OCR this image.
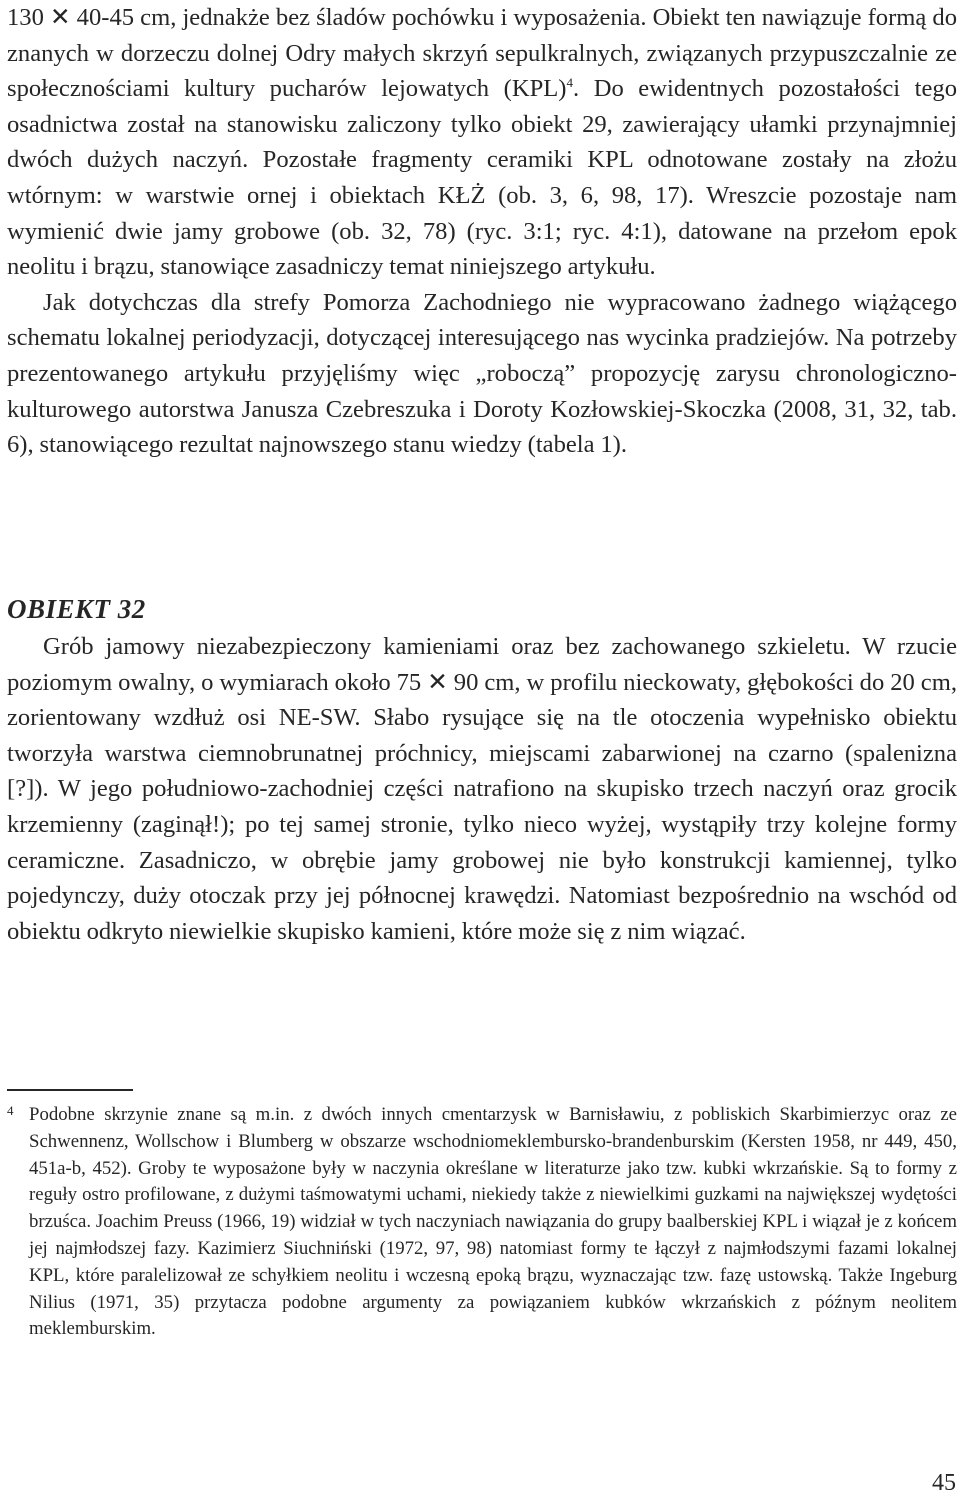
130 ✕ 40-45 cm, jednakże bez śladów pochówku i wyposażenia. Obiekt ten nawiązuje formą do znanych w dorzeczu dolnej Odry małych skrzyń sepulkralnych, związanych przypuszczalnie ze społecznościami kultury pucharów lejowatych (KPL)$^4$. Do ewidentnych pozostałości tego osadnictwa został na stanowisku zaliczony tylko obiekt 29, zawierający ułamki przynajmniej dwóch dużych naczyń. Pozostałe fragmenty ceramiki KPL odnotowane zostały na złożu wtórnym: w warstwie ornej i obiektach KŁŻ (ob. 3, 6, 98, 17). Wreszcie pozostaje nam wymienić dwie jamy grobowe (ob. 32, 78) (ryc. 3:1; ryc. 4:1), datowane na przełom epok neolitu i brązu, stanowiące zasadniczy temat niniejszego artykułu.

Jak dotychczas dla strefy Pomorza Zachodniego nie wypracowano żadnego wiążącego schematu lokalnej periodyzacji, dotyczącej interesującego nas wycinka pradziejów. Na potrzeby prezentowanego artykułu przyjęliśmy więc „roboczą” propozycję zarysu chronologiczno-kulturowego autorstwa Janusza Czebreszuka i Doroty Kozłowskiej-Skoczka (2008, 31, 32, tab. 6), stanowiącego rezultat najnowszego stanu wiedzy (tabela 1).

OBIEKT 32

Grób jamowy niezabezpieczony kamieniami oraz bez zachowanego szkieletu. W rzucie poziomym owalny, o wymiarach około 75 ✕ 90 cm, w profilu nieckowaty, głębokości do 20 cm, zorientowany wzdłuż osi NE-SW. Słabo rysujące się na tle otoczenia wypełnisko obiektu tworzyła warstwa ciemnobrunatnej próchnicy, miejscami zabarwionej na czarno (spalenizna [?]). W jego południowo-zachodniej części natrafiono na skupisko trzech naczyń oraz grocik krzemienny (zaginął!); po tej samej stronie, tylko nieco wyżej, wystąpiły trzy kolejne formy ceramiczne. Zasadniczo, w obrębie jamy grobowej nie było konstrukcji kamiennej, tylko pojedynczy, duży otoczak przy jej północnej krawędzi. Natomiast bezpośrednio na wschód od obiektu odkryto niewielkie skupisko kamieni, które może się z nim wiązać.

4 Podobne skrzynie znane są m.in. z dwóch innych cmentarzysk w Barnisławiu, z pobliskich Skarbimierzyc oraz ze Schwennenz, Wollschow i Blumberg w obszarze wschodniomeklembursko-brandenburskim (Kersten 1958, nr 449, 450, 451a-b, 452). Groby te wyposażone były w naczynia określane w literaturze jako tzw. kubki wkrzańskie. Są to formy z reguły ostro profilowane, z dużymi taśmowatymi uchami, niekiedy także z niewielkimi guzkami na największej wydętości brzuśca. Joachim Preuss (1966, 19) widział w tych naczyniach nawiązania do grupy baalberskiej KPL i wiązał je z końcem jej najmłodszej fazy. Kazimierz Siuchniński (1972, 97, 98) natomiast formy te łączył z najmłodszymi fazami lokalnej KPL, które paralelizował ze schyłkiem neolitu i wczesną epoką brązu, wyznaczając tzw. fazę ustowską. Także Ingeburg Nilius (1971, 35) przytacza podobne argumenty za powiązaniem kubków wkrzańskich z późnym neolitem meklemburskim.
45
